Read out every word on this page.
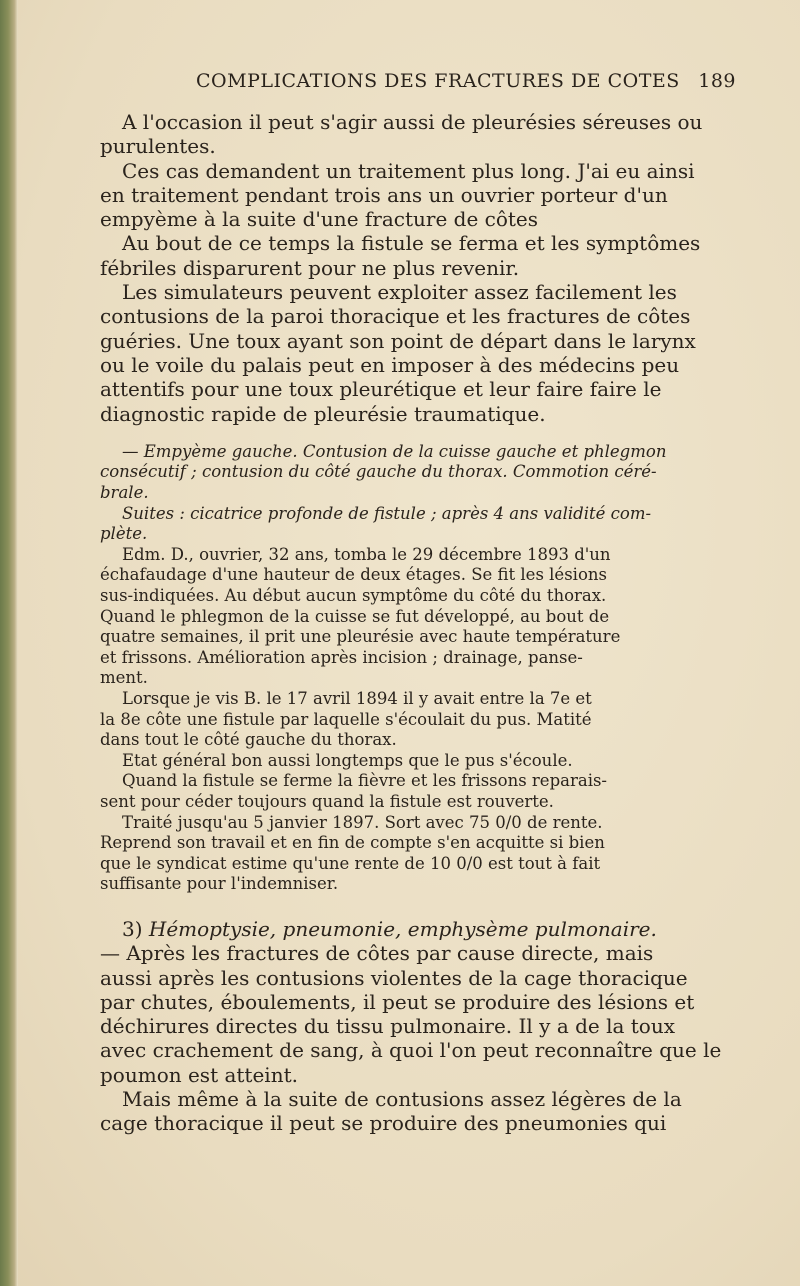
COMPLICATIONS DES FRACTURES DE COTES 189

A l'occasion il peut s'agir aussi de pleurésies séreuses ou

purulentes.

Ces cas demandent un traitement plus long. J'ai eu ainsi

en traitement pendant trois ans un ouvrier porteur d'un

empyème à la suite d'une fracture de côtes

Au bout de ce temps la fistule se ferma et les symptômes

fébriles disparurent pour ne plus revenir.

Les simulateurs peuvent exploiter assez facilement les

contusions de la paroi thoracique et les fractures de côtes

guéries. Une toux ayant son point de départ dans le larynx

ou le voile du palais peut en imposer à des médecins peu

attentifs pour une toux pleurétique et leur faire faire le

diagnostic rapide de pleurésie traumatique.

— Empyème gauche. Contusion de la cuisse gauche et phlegmon

consécutif ; contusion du côté gauche du thorax. Commotion céré-

brale.

Suites : cicatrice profonde de fistule ; après 4 ans validité com-

plète.

Edm. D., ouvrier, 32 ans, tomba le 29 décembre 1893 d'un

échafaudage d'une hauteur de deux étages. Se fit les lésions

sus-indiquées. Au début aucun symptôme du côté du thorax.

Quand le phlegmon de la cuisse se fut développé, au bout de

quatre semaines, il prit une pleurésie avec haute température

et frissons. Amélioration après incision ; drainage, panse-

ment.

Lorsque je vis B. le 17 avril 1894 il y avait entre la 7e et

la 8e côte une fistule par laquelle s'écoulait du pus. Matité

dans tout le côté gauche du thorax.

Etat général bon aussi longtemps que le pus s'écoule.

Quand la fistule se ferme la fièvre et les frissons reparais-

sent pour céder toujours quand la fistule est rouverte.

Traité jusqu'au 5 janvier 1897. Sort avec 75 0/0 de rente.

Reprend son travail et en fin de compte s'en acquitte si bien

que le syndicat estime qu'une rente de 10 0/0 est tout à fait

suffisante pour l'indemniser.

3) Hémoptysie, pneumonie, emphysème pulmonaire.

— Après les fractures de côtes par cause directe, mais

aussi après les contusions violentes de la cage thoracique

par chutes, éboulements, il peut se produire des lésions et

déchirures directes du tissu pulmonaire. Il y a de la toux

avec crachement de sang, à quoi l'on peut reconnaître que le

poumon est atteint.

Mais même à la suite de contusions assez légères de la

cage thoracique il peut se produire des pneumonies qui
